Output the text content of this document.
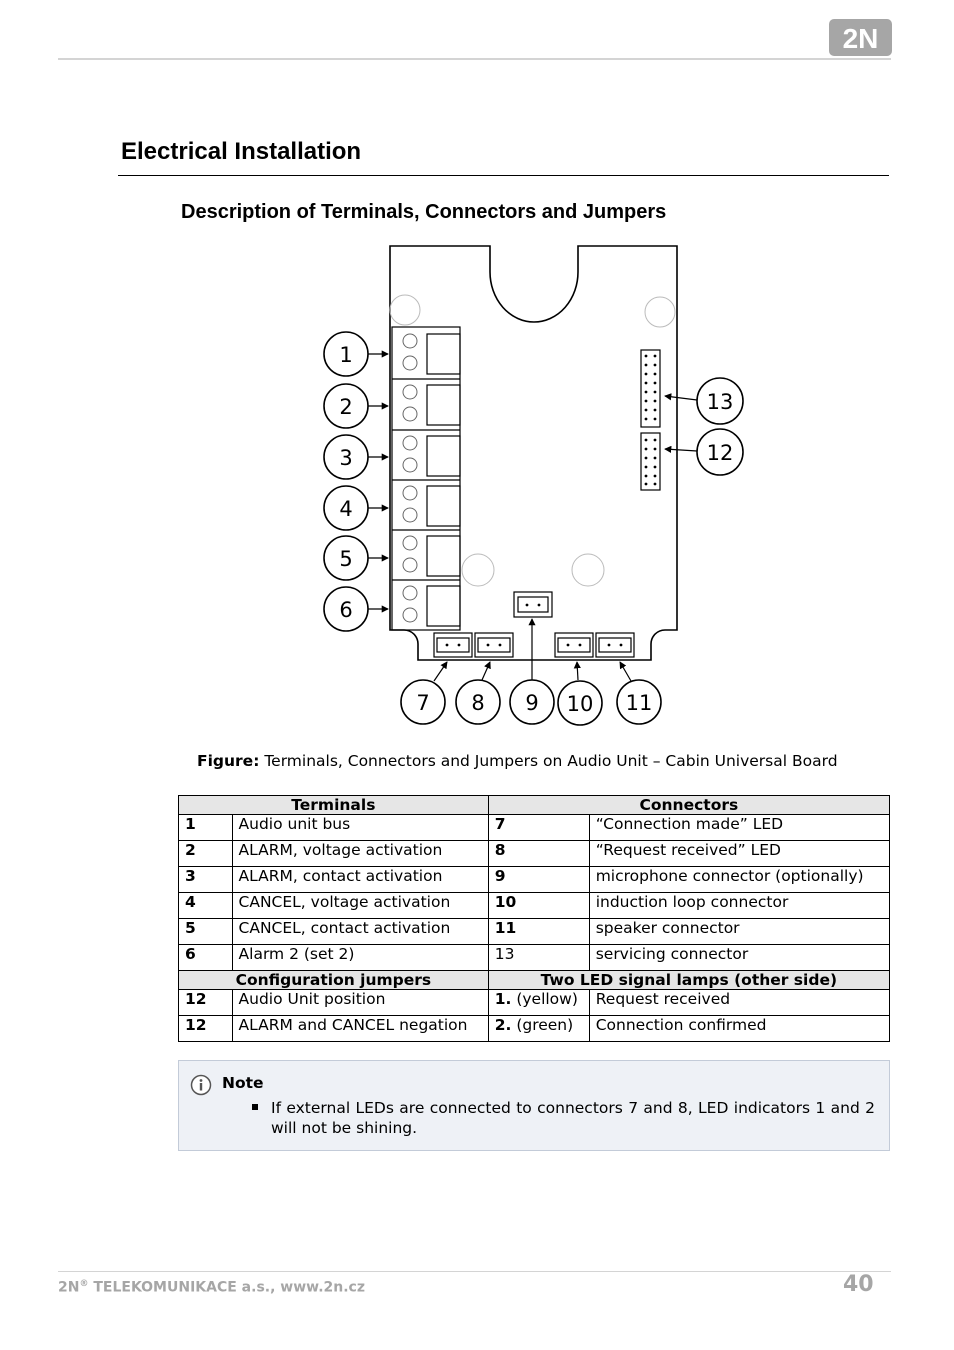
2N
Electrical Installation
Description of Terminals, Connectors and Jumpers
1
2
3
4
5
6
7 8 9 10 11
12
13
Figure: Terminals, Connectors and Jumpers on Audio Unit – Cabin Universal Board
Terminals		Connectors	
1	Audio unit bus	7	“Connection made” LED
2	ALARM, voltage activation	8	“Request received” LED
3	ALARM, contact activation	9	microphone connector (optionally)
4	CANCEL, voltage activation	10	induction loop connector
5	CANCEL, contact activation	11	speaker connector
6	Alarm 2 (set 2)	13	servicing connector
Configuration jumpers		Two LED signal lamps (other side)	
12	Audio Unit position	1. (yellow)	Request received
12	ALARM and CANCEL negation	2. (green)	Connection confirmed
Note
If external LEDs are connected to connectors 7 and 8, LED indicators 1 and 2 will not be shining.
2N® TELEKOMUNIKACE a.s., www.2n.cz	40
